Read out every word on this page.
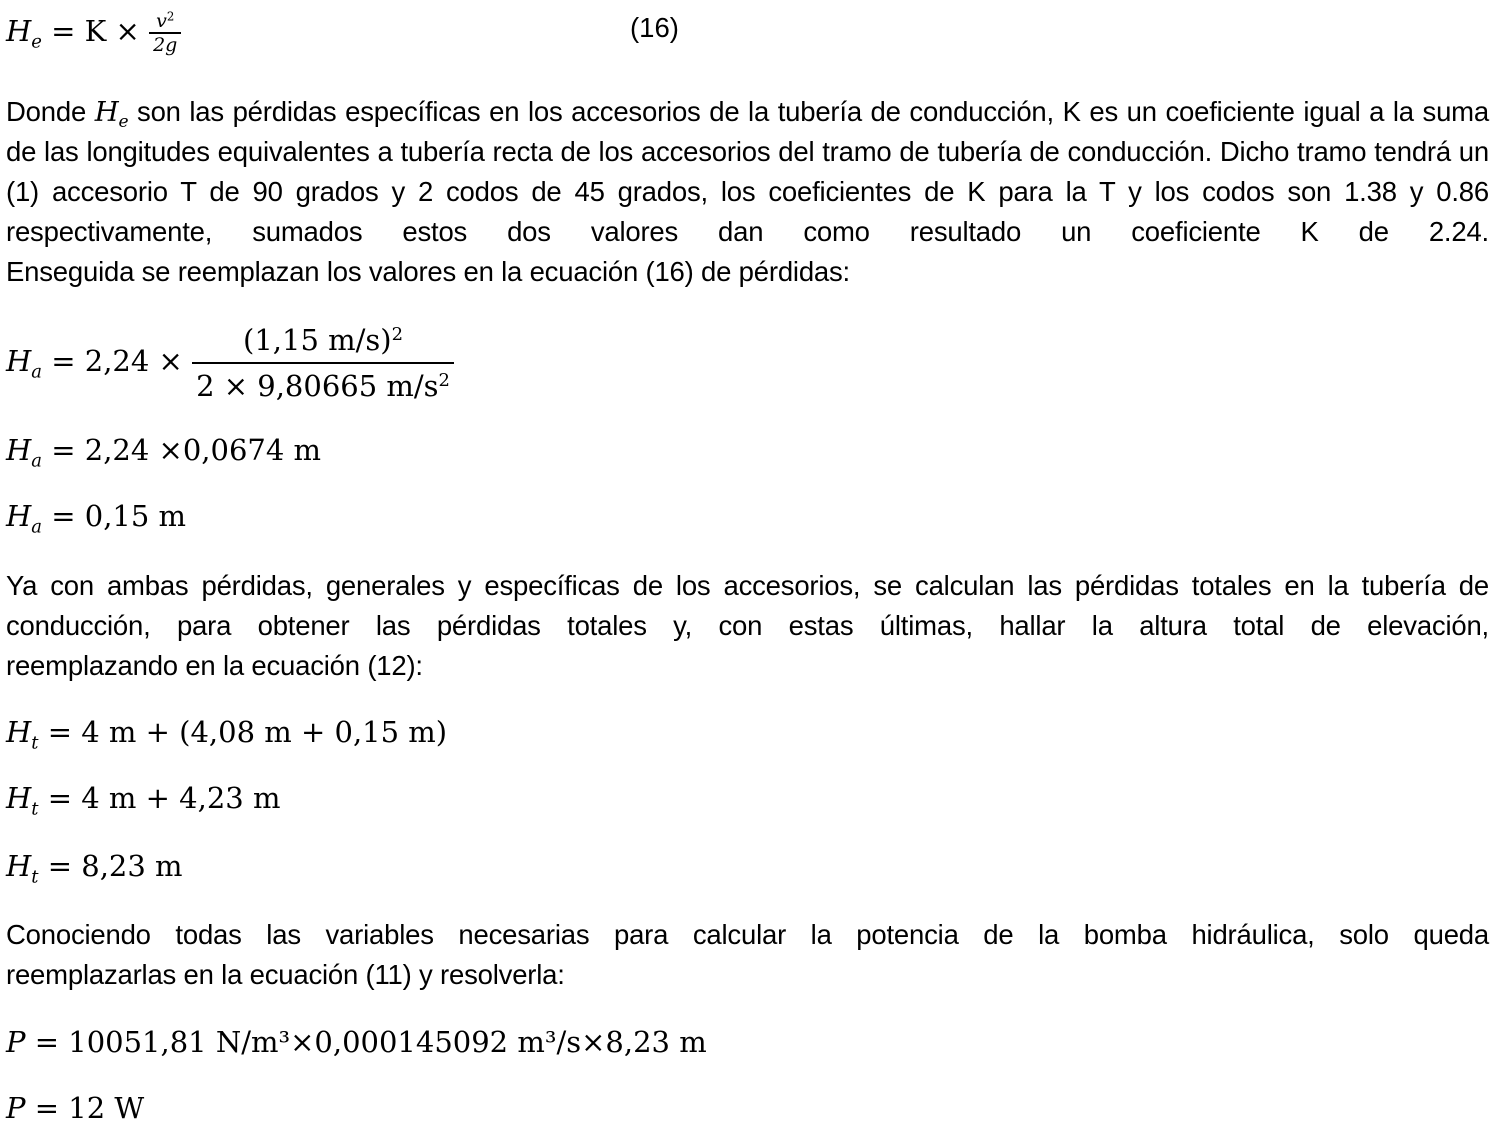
$H_e = K \times \frac{v^2}{2g}$	(16)

Donde $H_e$ son las pérdidas específicas en los accesorios de la tubería de conducción, K es un coeficiente igual a la suma de las longitudes equivalentes a tubería recta de los accesorios del tramo de tubería de conducción. Dicho tramo tendrá un (1) accesorio T de 90 grados y 2 codos de 45 grados, los coeficientes de K para la T y los codos son 1.38 y 0.86 respectivamente, sumados estos dos valores dan como resultado un coeficiente K de 2.24.

Enseguida se reemplazan los valores en la ecuación (16) de pérdidas:

$H_a = 2,24 \times \frac{(1,15 m/s)^2}{2 \times 9,80665 m/s^2}$
$H_a = 2,24 \times 0,0674$ m
$H_a = 0,15$ m

Ya con ambas pérdidas, generales y específicas de los accesorios, se calculan las pérdidas totales en la tubería de conducción, para obtener las pérdidas totales y, con estas últimas, hallar la altura total de elevación,

reemplazando en la ecuación (12):

$H_t = 4$ m + (4,08 m + 0,15 m)
$H_t = 4$ m + 4,23 m
$H_t = 8,23$ m

Conociendo todas las variables necesarias para calcular la potencia de la bomba hidráulica, solo queda

reemplazarlas en la ecuación (11) y resolverla:

P = 10051,81 N/m³×0,000145092 m³/s×8,23 m
P = 12 W
